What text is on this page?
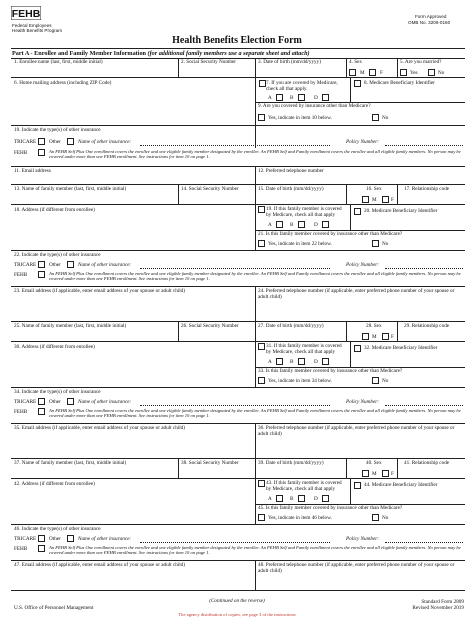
FEHB
Federal Employees
Health Benefits Program
Form Approved
OMB No. 3206-0160
Health Benefits Election Form
Part A - Enrollee and Family Member Information (for additional family members use a separate sheet and attach)
1. Enrollee name (last, first, middle initial)	2. Social Security Number	3. Date of birth (mm/dd/yyyy)	4. Sex	5. Are you married?
M	F	Yes	No
6. Home mailing address (including ZIP Code)	7. If you are covered by Medicare, check all that apply.
8. Medicare Beneficiary Identifier
A	B	D
9. Are you covered by insurance other than Medicare?
Yes, indicate in item 10 below.	No
10. Indicate the type(s) of other insurance
TRICARE Other	Name of other insurance:	Policy Number:
FEHB	An FEHB Self Plus One enrollment covers the enrollee and one eligible family member designated by the enrollee. An FEHB Self and Family enrollment covers the enrollee and all eligible family members. No person may be covered under more than one FEHB enrollment. See instructions for item 10 on page 1.
11. Email address	12. Preferred telephone number
13. Name of family member (last, first, middle initial)	14. Social Security Number	15. Date of birth (mm/dd/yyyy)	16. Sex	17. Relationship code
M	F
18. Address (if different from enrollee)	19. If this family member is covered by Medicare, check all that apply
20. Medicare Beneficiary Identifier
A	B	D
21. Is this family member covered by insurance other than Medicare?
Yes, indicate in item 22 below.	No
22. Indicate the type(s) of other insurance
TRICARE Other	Name of other insurance:	Policy Number:
FEHB	An FEHB Self Plus One enrollment covers the enrollee and one eligible family member designated by the enrollee. An FEHB Self and Family enrollment covers the enrollee and all eligible family members. No person may be covered under more than one FEHB enrollment. See instructions for item 10 on page 1.
23. Email address (if applicable, enter email address of your spouse or adult child)	24. Preferred telephone number (if applicable, enter preferred phone number of your spouse or adult child)
25. Name of family member (last, first, middle initial)	26. Social Security Number	27. Date of birth (mm/dd/yyyy)	28. Sex	29. Relationship code
M	F
30. Address (if different from enrollee)	31. If this family member is covered by Medicare, check all that apply
32. Medicare Beneficiary Identifier
A	B	D
33. Is this family member covered by insurance other than Medicare?
Yes, indicate in item 34 below.	No
34. Indicate the type(s) of other insurance
TRICARE Other	Name of other insurance:	Policy Number:
FEHB	An FEHB Self Plus One enrollment covers the enrollee and one eligible family member designated by the enrollee. An FEHB Self and Family enrollment covers the enrollee and all eligible family members. No person may be covered under more than one FEHB enrollment. See instructions for item 10 on page 1.
35. Email address (if applicable, enter email address of your spouse or adult child)	36. Preferred telephone number (if applicable, enter preferred phone number of your spouse or adult child)
37. Name of family member (last, first, middle initial)	38. Social Security Number	39. Date of birth (mm/dd/yyyy)	40. Sex	41. Relationship code
M	F
42. Address (if different from enrollee)	43. If this family member is covered by Medicare, check all that apply
44. Medicare Beneficiary Identifier
A	B	D
45. Is this family member covered by insurance other than Medicare?
Yes, indicate in item 46 below.	No
46. Indicate the type(s) of other insurance
TRICARE Other	Name of other insurance:	Policy Number:
FEHB	An FEHB Self Plus One enrollment covers the enrollee and one eligible family member designated by the enrollee. An FEHB Self and Family enrollment covers the enrollee and all eligible family members. No person may be covered under more than one FEHB enrollment. See instructions for item 10 on page 1.
47. Email address (if applicable, enter email address of your spouse or adult child)	48. Preferred telephone number (if applicable, enter preferred phone number of your spouse or adult child)
(Continued on the reverse)
U.S. Office of Personnel Management
The agency distribution of copies, see page 3 of the instructions
Standard Form 2809
Revised November 2019
